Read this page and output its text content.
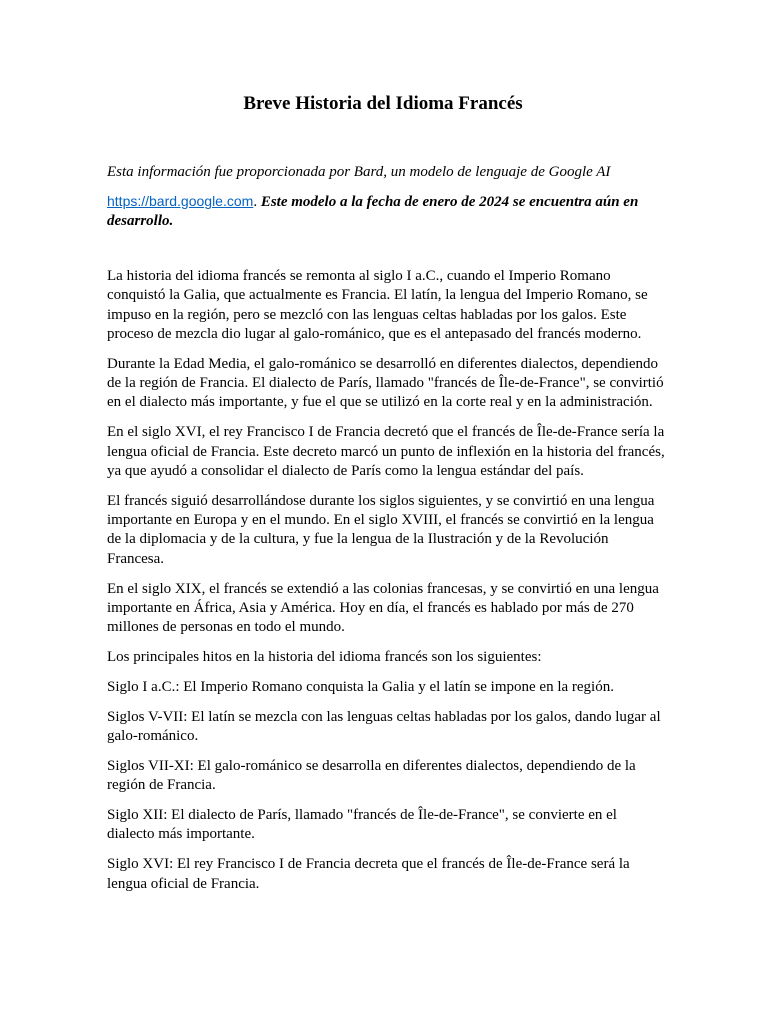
Breve Historia del Idioma Francés

Esta información fue proporcionada por Bard, un modelo de lenguaje de Google AI

https://bard.google.com. Este modelo a la fecha de enero de 2024 se encuentra aún en desarrollo.

La historia del idioma francés se remonta al siglo I a.C., cuando el Imperio Romano conquistó la Galia, que actualmente es Francia. El latín, la lengua del Imperio Romano, se impuso en la región, pero se mezcló con las lenguas celtas habladas por los galos. Este proceso de mezcla dio lugar al galo-románico, que es el antepasado del francés moderno.

Durante la Edad Media, el galo-románico se desarrolló en diferentes dialectos, dependiendo de la región de Francia. El dialecto de París, llamado "francés de Île-de-France", se convirtió en el dialecto más importante, y fue el que se utilizó en la corte real y en la administración.

En el siglo XVI, el rey Francisco I de Francia decretó que el francés de Île-de-France sería la lengua oficial de Francia. Este decreto marcó un punto de inflexión en la historia del francés, ya que ayudó a consolidar el dialecto de París como la lengua estándar del país.

El francés siguió desarrollándose durante los siglos siguientes, y se convirtió en una lengua importante en Europa y en el mundo. En el siglo XVIII, el francés se convirtió en la lengua de la diplomacia y de la cultura, y fue la lengua de la Ilustración y de la Revolución Francesa.

En el siglo XIX, el francés se extendió a las colonias francesas, y se convirtió en una lengua importante en África, Asia y América. Hoy en día, el francés es hablado por más de 270 millones de personas en todo el mundo.

Los principales hitos en la historia del idioma francés son los siguientes:

Siglo I a.C.: El Imperio Romano conquista la Galia y el latín se impone en la región.

Siglos V-VII: El latín se mezcla con las lenguas celtas habladas por los galos, dando lugar al galo-románico.

Siglos VII-XI: El galo-románico se desarrolla en diferentes dialectos, dependiendo de la región de Francia.

Siglo XII: El dialecto de París, llamado "francés de Île-de-France", se convierte en el dialecto más importante.

Siglo XVI: El rey Francisco I de Francia decreta que el francés de Île-de-France será la lengua oficial de Francia.
